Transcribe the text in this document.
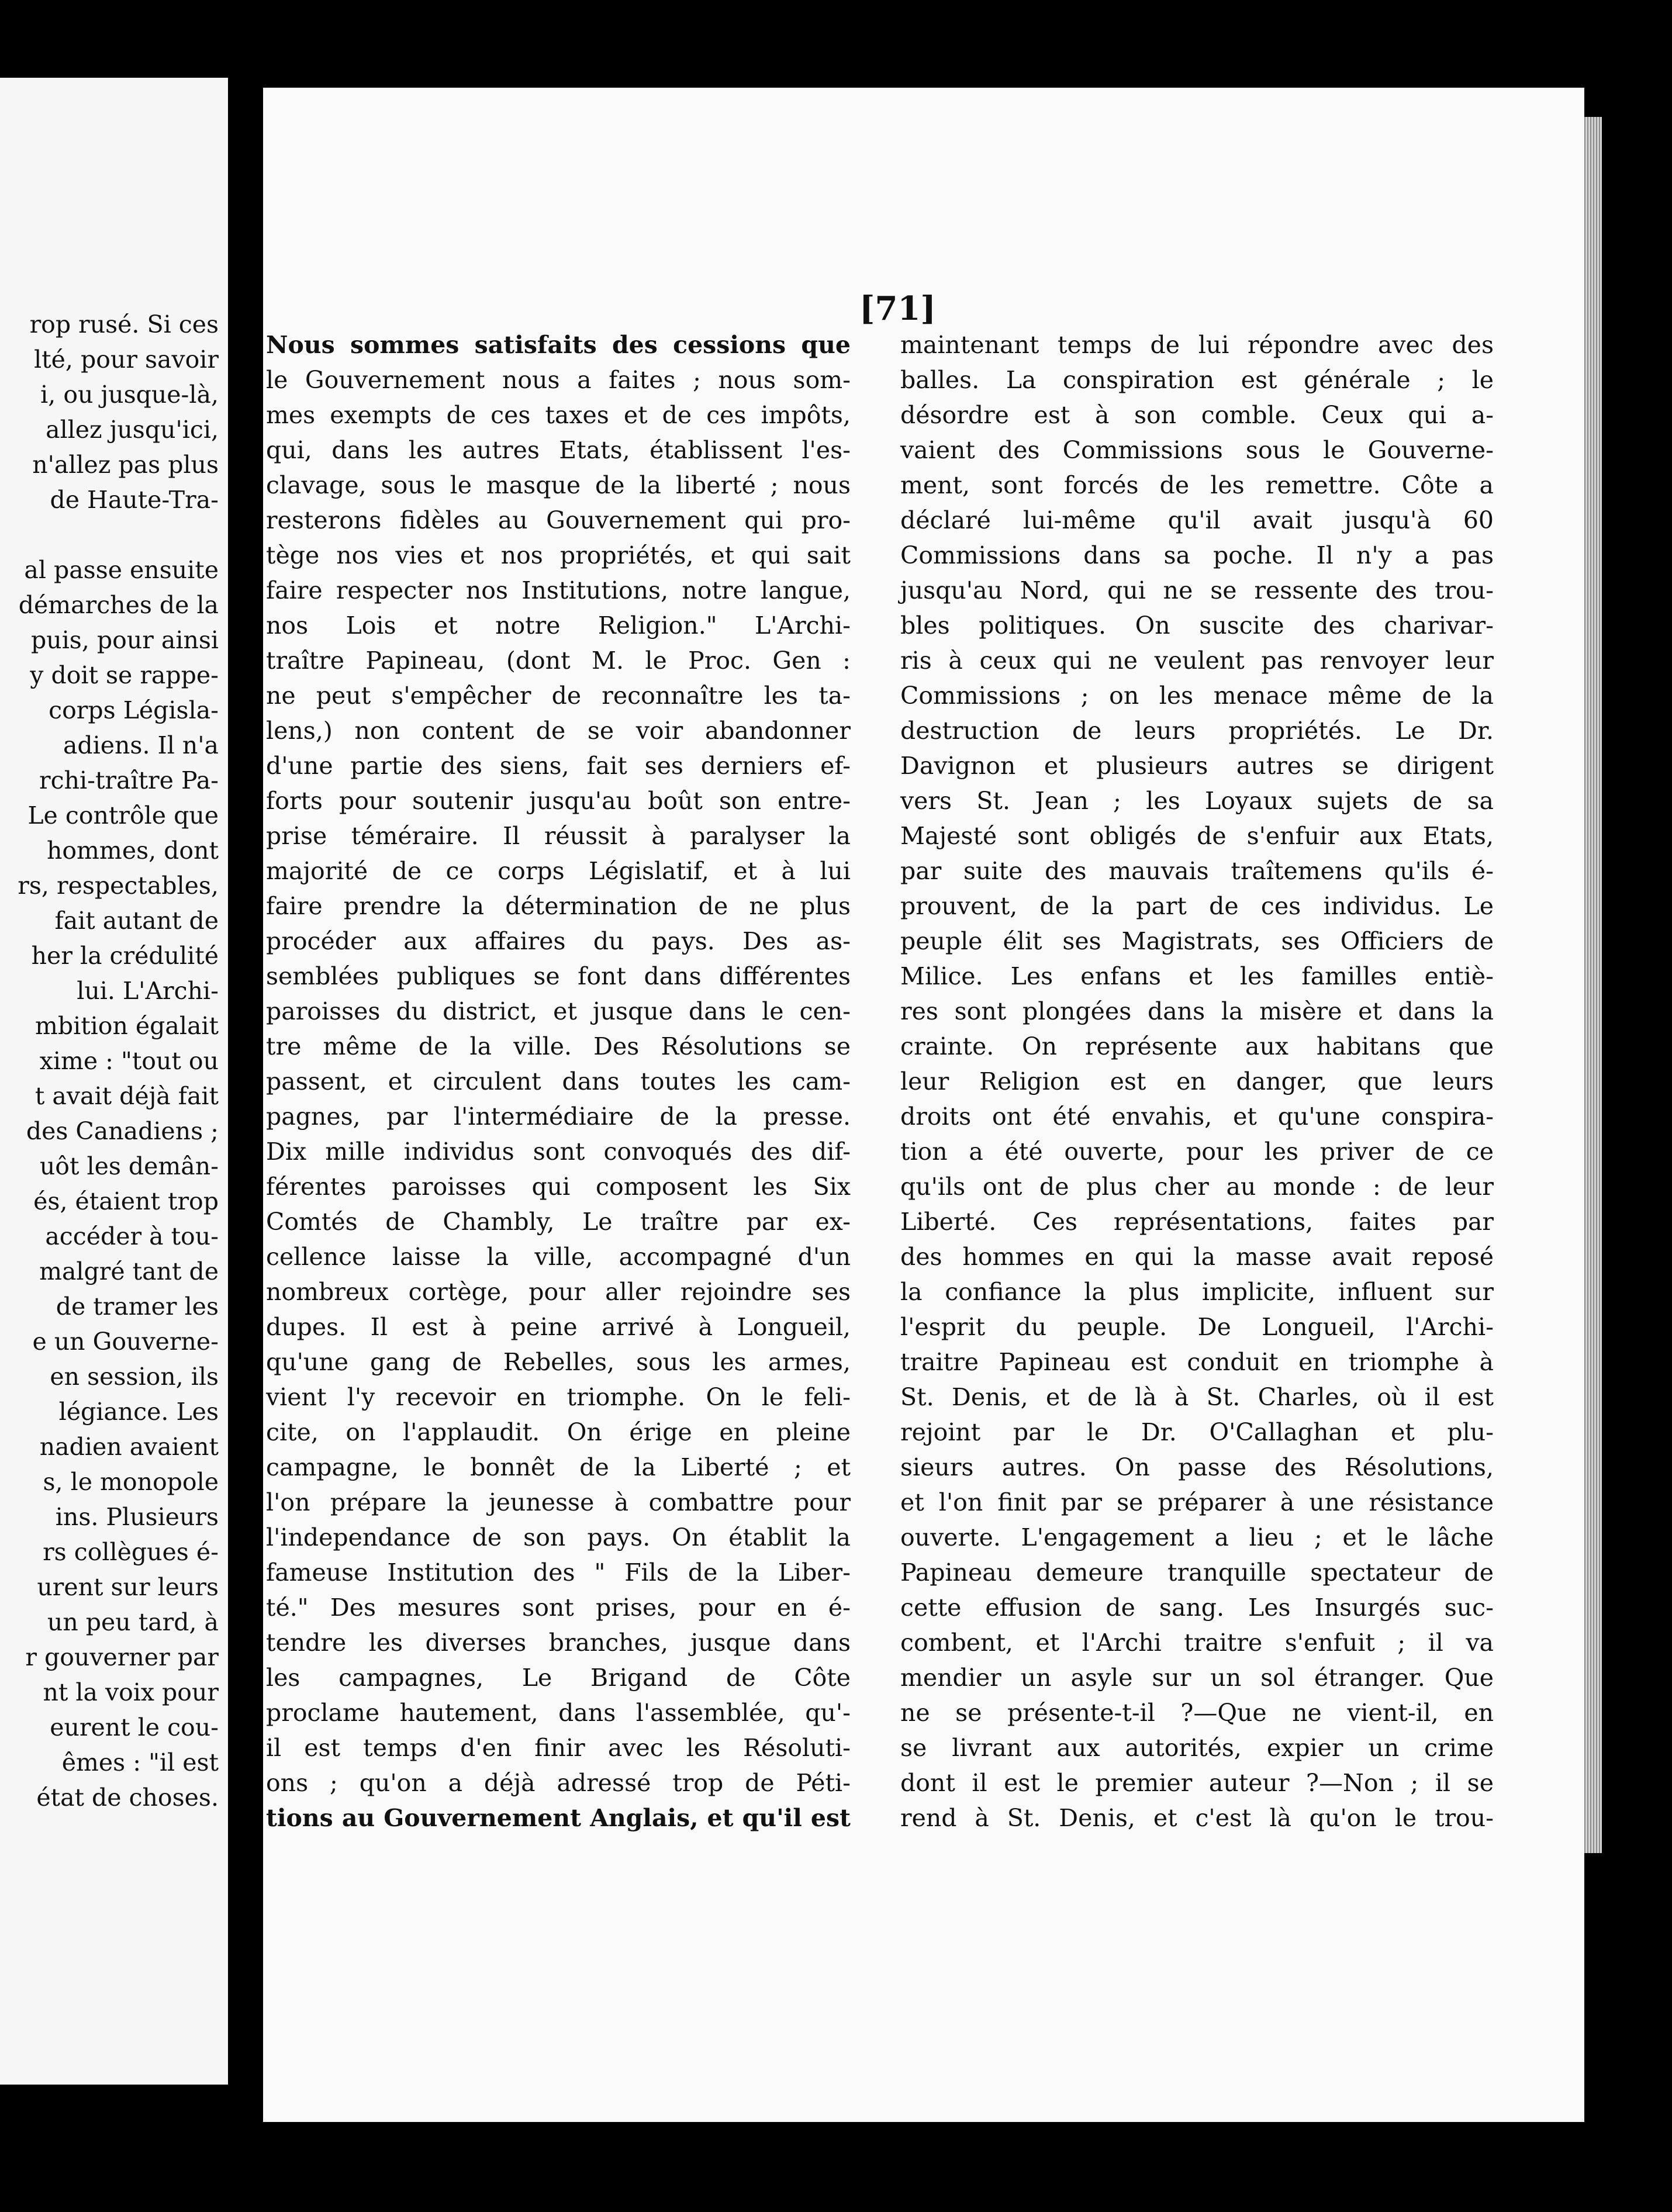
rop rusé. Si ces
lté, pour savoir
i, ou jusque-là,
allez jusqu'ici,
n'allez pas plus
de Haute-Tra-
al passe ensuite
démarches de la
puis, pour ainsi
y doit se rappe-
corps Législa-
adiens. Il n'a
rchi-traître Pa-
Le contrôle que
hommes, dont
rs, respectables,
fait autant de
her la crédulité
lui. L'Archi-
mbition égalait
xime : "tout ou
t avait déjà fait
des Canadiens ;
uôt les demân-
és, étaient trop
accéder à tou-
malgré tant de
de tramer les
e un Gouverne-
en session, ils
légiance. Les
nadien avaient
s, le monopole
ins. Plusieurs
rs collègues é-
urent sur leurs
un peu tard, à
r gouverner par
nt la voix pour
eurent le cou-
êmes : "il est
état de choses.
[71]
Nous sommes satisfaits des cessions que
le Gouvernement nous a faites ; nous som-
mes exempts de ces taxes et de ces impôts,
qui, dans les autres Etats, établissent l'es-
clavage, sous le masque de la liberté ; nous
resterons fidèles au Gouvernement qui pro-
tège nos vies et nos propriétés, et qui sait
faire respecter nos Institutions, notre langue,
nos Lois et notre Religion." L'Archi-
traître Papineau, (dont M. le Proc. Gen :
ne peut s'empêcher de reconnaître les ta-
lens,) non content de se voir abandonner
d'une partie des siens, fait ses derniers ef-
forts pour soutenir jusqu'au boût son entre-
prise téméraire. Il réussit à paralyser la
majorité de ce corps Législatif, et à lui
faire prendre la détermination de ne plus
procéder aux affaires du pays. Des as-
semblées publiques se font dans différentes
paroisses du district, et jusque dans le cen-
tre même de la ville. Des Résolutions se
passent, et circulent dans toutes les cam-
pagnes, par l'intermédiaire de la presse.
Dix mille individus sont convoqués des dif-
férentes paroisses qui composent les Six
Comtés de Chambly, Le traître par ex-
cellence laisse la ville, accompagné d'un
nombreux cortège, pour aller rejoindre ses
dupes. Il est à peine arrivé à Longueil,
qu'une gang de Rebelles, sous les armes,
vient l'y recevoir en triomphe. On le feli-
cite, on l'applaudit. On érige en pleine
campagne, le bonnêt de la Liberté ; et
l'on prépare la jeunesse à combattre pour
l'independance de son pays. On établit la
fameuse Institution des " Fils de la Liber-
té." Des mesures sont prises, pour en é-
tendre les diverses branches, jusque dans
les campagnes, Le Brigand de Côte
proclame hautement, dans l'assemblée, qu'-
il est temps d'en finir avec les Résoluti-
ons ; qu'on a déjà adressé trop de Péti-
tions au Gouvernement Anglais, et qu'il est
maintenant temps de lui répondre avec des
balles. La conspiration est générale ; le
désordre est à son comble. Ceux qui a-
vaient des Commissions sous le Gouverne-
ment, sont forcés de les remettre. Côte a
déclaré lui-même qu'il avait jusqu'à 60
Commissions dans sa poche. Il n'y a pas
jusqu'au Nord, qui ne se ressente des trou-
bles politiques. On suscite des charivar-
ris à ceux qui ne veulent pas renvoyer leur
Commissions ; on les menace même de la
destruction de leurs propriétés. Le Dr.
Davignon et plusieurs autres se dirigent
vers St. Jean ; les Loyaux sujets de sa
Majesté sont obligés de s'enfuir aux Etats,
par suite des mauvais traîtemens qu'ils é-
prouvent, de la part de ces individus. Le
peuple élit ses Magistrats, ses Officiers de
Milice. Les enfans et les familles entiè-
res sont plongées dans la misère et dans la
crainte. On représente aux habitans que
leur Religion est en danger, que leurs
droits ont été envahis, et qu'une conspira-
tion a été ouverte, pour les priver de ce
qu'ils ont de plus cher au monde : de leur
Liberté. Ces représentations, faites par
des hommes en qui la masse avait reposé
la confiance la plus implicite, influent sur
l'esprit du peuple. De Longueil, l'Archi-
traitre Papineau est conduit en triomphe à
St. Denis, et de là à St. Charles, où il est
rejoint par le Dr. O'Callaghan et plu-
sieurs autres. On passe des Résolutions,
et l'on finit par se préparer à une résistance
ouverte. L'engagement a lieu ; et le lâche
Papineau demeure tranquille spectateur de
cette effusion de sang. Les Insurgés suc-
combent, et l'Archi traitre s'enfuit ; il va
mendier un asyle sur un sol étranger. Que
ne se présente-t-il ?—Que ne vient-il, en
se livrant aux autorités, expier un crime
dont il est le premier auteur ?—Non ; il se
rend à St. Denis, et c'est là qu'on le trou-
